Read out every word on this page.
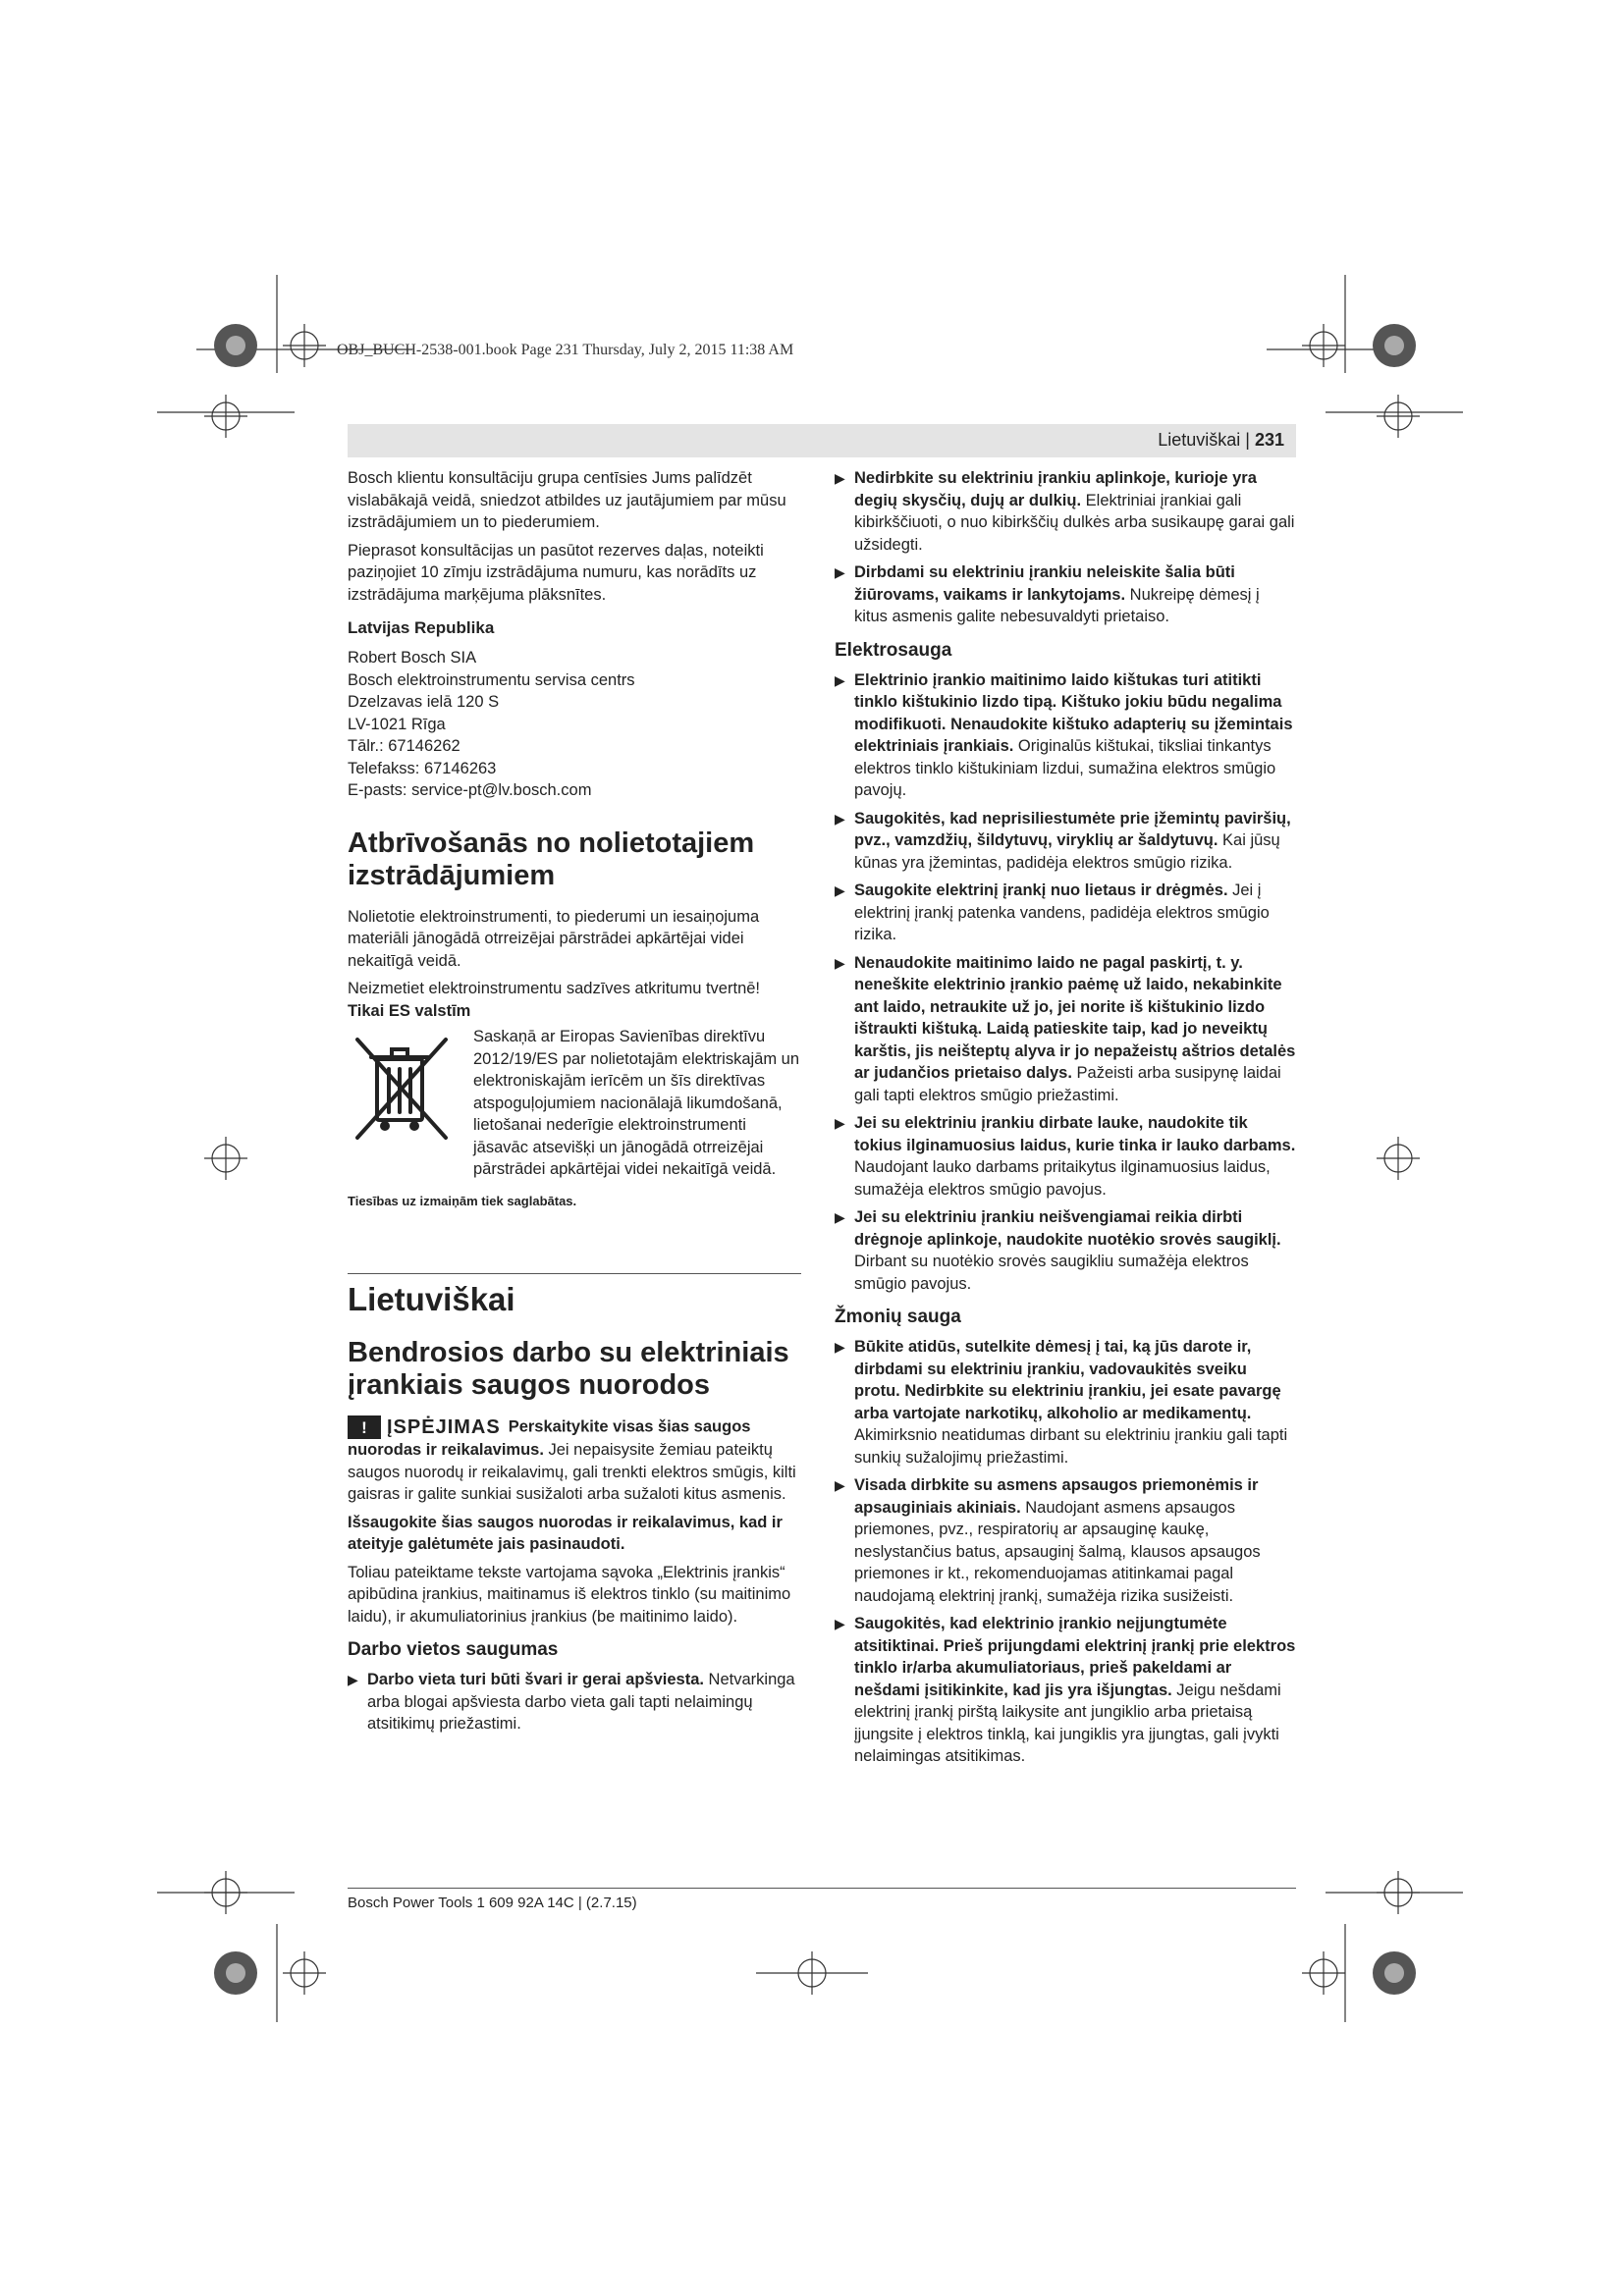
OBJ_BUCH-2538-001.book Page 231 Thursday, July 2, 2015 11:38 AM
Lietuviškai | 231

Bosch klientu konsultāciju grupa centīsies Jums palīdzēt vislabākajā veidā, sniedzot atbildes uz jautājumiem par mūsu izstrādājumiem un to piederumiem.

Pieprasot konsultācijas un pasūtot rezerves daļas, noteikti paziņojiet 10 zīmju izstrādājuma numuru, kas norādīts uz izstrādājuma marķējuma plāksnītes.

Latvijas Republika
Robert Bosch SIA
Bosch elektroinstrumentu servisa centrs
Dzelzavas ielā 120 S
LV-1021 Rīga
Tālr.: 67146262
Telefakss: 67146263
E-pasts: service-pt@lv.bosch.com
Atbrīvošanās no nolietotajiem izstrādājumiem

Nolietotie elektroinstrumenti, to piederumi un iesaiņojuma materiāli jānogādā otrreizējai pārstrādei apkārtējai videi nekaitīgā veidā.

Neizmetiet elektroinstrumentu sadzīves atkritumu tvertnē!

Tikai ES valstīm
Saskaņā ar Eiropas Savienības direktīvu 2012/19/ES par nolietotajām elektriskajām un elektroniskajām ierīcēm un šīs direktīvas atspoguļojumiem nacionālajā likumdošanā, lietošanai nederīgie elektroinstrumenti jāsavāc atsevišķi un jānogādā otrreizējai pārstrādei apkārtējai videi nekaitīgā veidā.
Tiesības uz izmaiņām tiek saglabātas.
Lietuviškai
Bendrosios darbo su elektriniais įrankiais saugos nuorodos

!	ĮSPĖJIMAS Perskaitykite visas šias saugos nuorodas ir reikalavimus. Jei nepaisysite žemiau pateiktų saugos nuorodų ir reikalavimų, gali trenkti elektros smūgis, kilti gaisras ir galite sunkiai susižaloti arba sužaloti kitus asmenis.

Išsaugokite šias saugos nuorodas ir reikalavimus, kad ir ateityje galėtumėte jais pasinaudoti.

Toliau pateiktame tekste vartojama sąvoka „Elektrinis įrankis“ apibūdina įrankius, maitinamus iš elektros tinklo (su maitinimo laidu), ir akumuliatorinius įrankius (be maitinimo laido).

Darbo vietos saugumas
▶ Darbo vieta turi būti švari ir gerai apšviesta. Netvarkinga arba blogai apšviesta darbo vieta gali tapti nelaimingų atsitikimų priežastimi.
▶ Nedirbkite su elektriniu įrankiu aplinkoje, kurioje yra degių skysčių, dujų ar dulkių. Elektriniai įrankiai gali kibirkščiuoti, o nuo kibirkščių dulkės arba susikaupę garai gali užsidegti.
▶ Dirbdami su elektriniu įrankiu neleiskite šalia būti žiūrovams, vaikams ir lankytojams. Nukreipę dėmesį į kitus asmenis galite nebesuvaldyti prietaiso.
Elektrosauga
▶ Elektrinio įrankio maitinimo laido kištukas turi atitikti tinklo kištukinio lizdo tipą. Kištuko jokiu būdu negalima modifikuoti. Nenaudokite kištuko adapterių su įžemintais elektriniais įrankiais. Originalūs kištukai, tiksliai tinkantys elektros tinklo kištukiniam lizdui, sumažina elektros smūgio pavojų.
▶ Saugokitės, kad neprisiliestumėte prie įžemintų paviršių, pvz., vamzdžių, šildytuvų, viryklių ar šaldytuvų. Kai jūsų kūnas yra įžemintas, padidėja elektros smūgio rizika.
▶ Saugokite elektrinį įrankį nuo lietaus ir drėgmės. Jei į elektrinį įrankį patenka vandens, padidėja elektros smūgio rizika.
▶ Nenaudokite maitinimo laido ne pagal paskirtį, t. y. neneškite elektrinio įrankio paėmę už laido, nekabinkite ant laido, netraukite už jo, jei norite iš kištukinio lizdo ištraukti kištuką. Laidą patieskite taip, kad jo neveiktų karštis, jis neišteptų alyva ir jo nepažeistų aštrios detalės ar judančios prietaiso dalys. Pažeisti arba susipynę laidai gali tapti elektros smūgio priežastimi.
▶ Jei su elektriniu įrankiu dirbate lauke, naudokite tik tokius ilginamuosius laidus, kurie tinka ir lauko darbams. Naudojant lauko darbams pritaikytus ilginamuosius laidus, sumažėja elektros smūgio pavojus.
▶ Jei su elektriniu įrankiu neišvengiamai reikia dirbti drėgnoje aplinkoje, naudokite nuotėkio srovės saugiklį. Dirbant su nuotėkio srovės saugikliu sumažėja elektros smūgio pavojus.
Žmonių sauga
▶ Būkite atidūs, sutelkite dėmesį į tai, ką jūs darote ir, dirbdami su elektriniu įrankiu, vadovaukitės sveiku protu. Nedirbkite su elektriniu įrankiu, jei esate pavargę arba vartojate narkotikų, alkoholio ar medikamentų. Akimirksnio neatidumas dirbant su elektriniu įrankiu gali tapti sunkių sužalojimų priežastimi.
▶ Visada dirbkite su asmens apsaugos priemonėmis ir apsauginiais akiniais. Naudojant asmens apsaugos priemones, pvz., respiratorių ar apsauginę kaukę, neslystančius batus, apsauginį šalmą, klausos apsaugos priemones ir kt., rekomenduojamas atitinkamai pagal naudojamą elektrinį įrankį, sumažėja rizika susižeisti.
▶ Saugokitės, kad elektrinio įrankio neįjungtumėte atsitiktinai. Prieš prijungdami elektrinį įrankį prie elektros tinklo ir/arba akumuliatoriaus, prieš pakeldami ar nešdami įsitikinkite, kad jis yra išjungtas. Jeigu nešdami elektrinį įrankį pirštą laikysite ant jungiklio arba prietaisą įjungsite į elektros tinklą, kai jungiklis yra įjungtas, gali įvykti nelaimingas atsitikimas.
Bosch Power Tools 1 609 92A 14C | (2.7.15)
